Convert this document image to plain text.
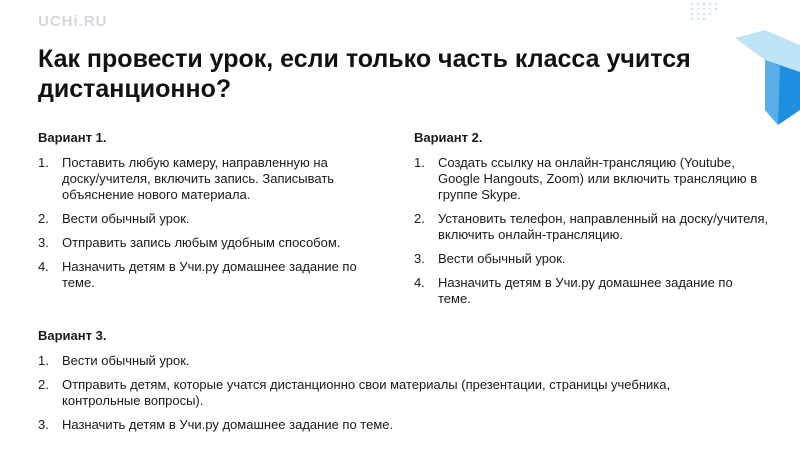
UCHi.RU
Как провести урок, если только часть класса учится дистанционно?
Вариант 1.
1. Поставить любую камеру, направленную на доску/учителя, включить запись. Записывать объяснение нового материала.
2. Вести обычный урок.
3. Отправить запись любым удобным способом.
4. Назначить детям в Учи.ру домашнее задание по теме.
Вариант 2.
1. Создать ссылку на онлайн-трансляцию (Youtube, Google Hangouts, Zoom) или включить трансляцию в группе Skype.
2. Установить телефон, направленный на доску/учителя, включить онлайн-трансляцию.
3. Вести обычный урок.
4. Назначить детям в Учи.ру домашнее задание по теме.
Вариант 3.
1. Вести обычный урок.
2. Отправить детям, которые учатся дистанционно свои материалы (презентации, страницы учебника, контрольные вопросы).
3. Назначить детям в Учи.ру домашнее задание по теме.
